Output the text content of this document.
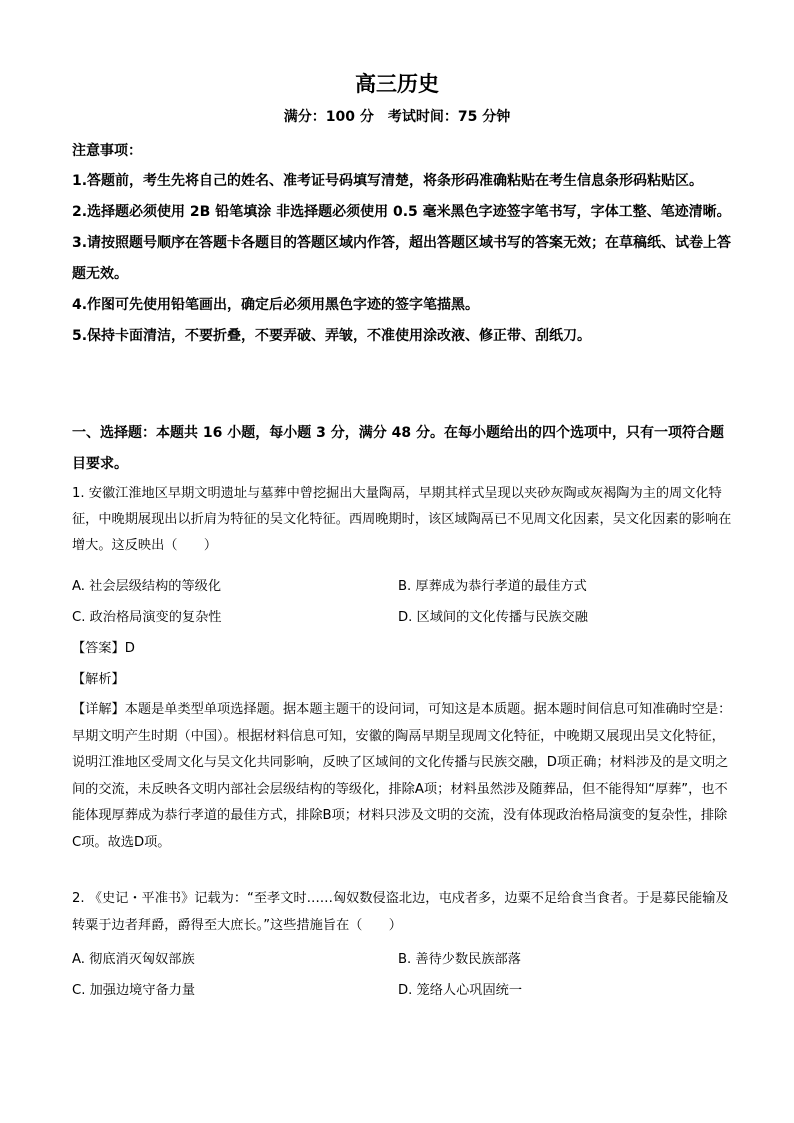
高三历史
满分：100 分　考试时间：75 分钟
注意事项：

1.答题前，考生先将自己的姓名、准考证号码填写清楚，将条形码准确粘贴在考生信息条形码粘贴区。

2.选择题必须使用 2B 铅笔填涂 非选择题必须使用 0.5 毫米黑色字迹签字笔书写，字体工整、笔迹清晰。

3.请按照题号顺序在答题卡各题目的答题区域内作答，超出答题区域书写的答案无效；在草稿纸、试卷上答题无效。

4.作图可先使用铅笔画出，确定后必须用黑色字迹的签字笔描黑。

5.保持卡面清洁，不要折叠，不要弄破、弄皱，不准使用涂改液、修正带、刮纸刀。

一、选择题：本题共 16 小题，每小题 3 分，满分 48 分。在每小题给出的四个选项中，只有一项符合题目要求。

1. 安徽江淮地区早期文明遗址与墓葬中曾挖掘出大量陶鬲，早期其样式呈现以夹砂灰陶或灰褐陶为主的周文化特征，中晚期展现出以折肩为特征的吴文化特征。西周晚期时，该区域陶鬲已不见周文化因素，吴文化因素的影响在增大。这反映出（　　）

A. 社会层级结构的等级化	B. 厚葬成为恭行孝道的最佳方式
C. 政治格局演变的复杂性	D. 区域间的文化传播与民族交融

【答案】D

【解析】

【详解】本题是单类型单项选择题。据本题主题干的设问词，可知这是本质题。据本题时间信息可知准确时空是：早期文明产生时期（中国）。根据材料信息可知，安徽的陶鬲早期呈现周文化特征，中晚期又展现出吴文化特征，说明江淮地区受周文化与吴文化共同影响，反映了区域间的文化传播与民族交融，D项正确；材料涉及的是文明之间的交流，未反映各文明内部社会层级结构的等级化，排除A项；材料虽然涉及随葬品，但不能得知“厚葬”，也不能体现厚葬成为恭行孝道的最佳方式，排除B项；材料只涉及文明的交流，没有体现政治格局演变的复杂性，排除C项。故选D项。

2. 《史记・平准书》记载为：“至孝文时……匈奴数侵盗北边，屯戍者多，边粟不足给食当食者。于是募民能输及转粟于边者拜爵，爵得至大庶长。”这些措施旨在（　　）

A. 彻底消灭匈奴部族	B. 善待少数民族部落
C. 加强边境守备力量	D. 笼络人心巩固统一
